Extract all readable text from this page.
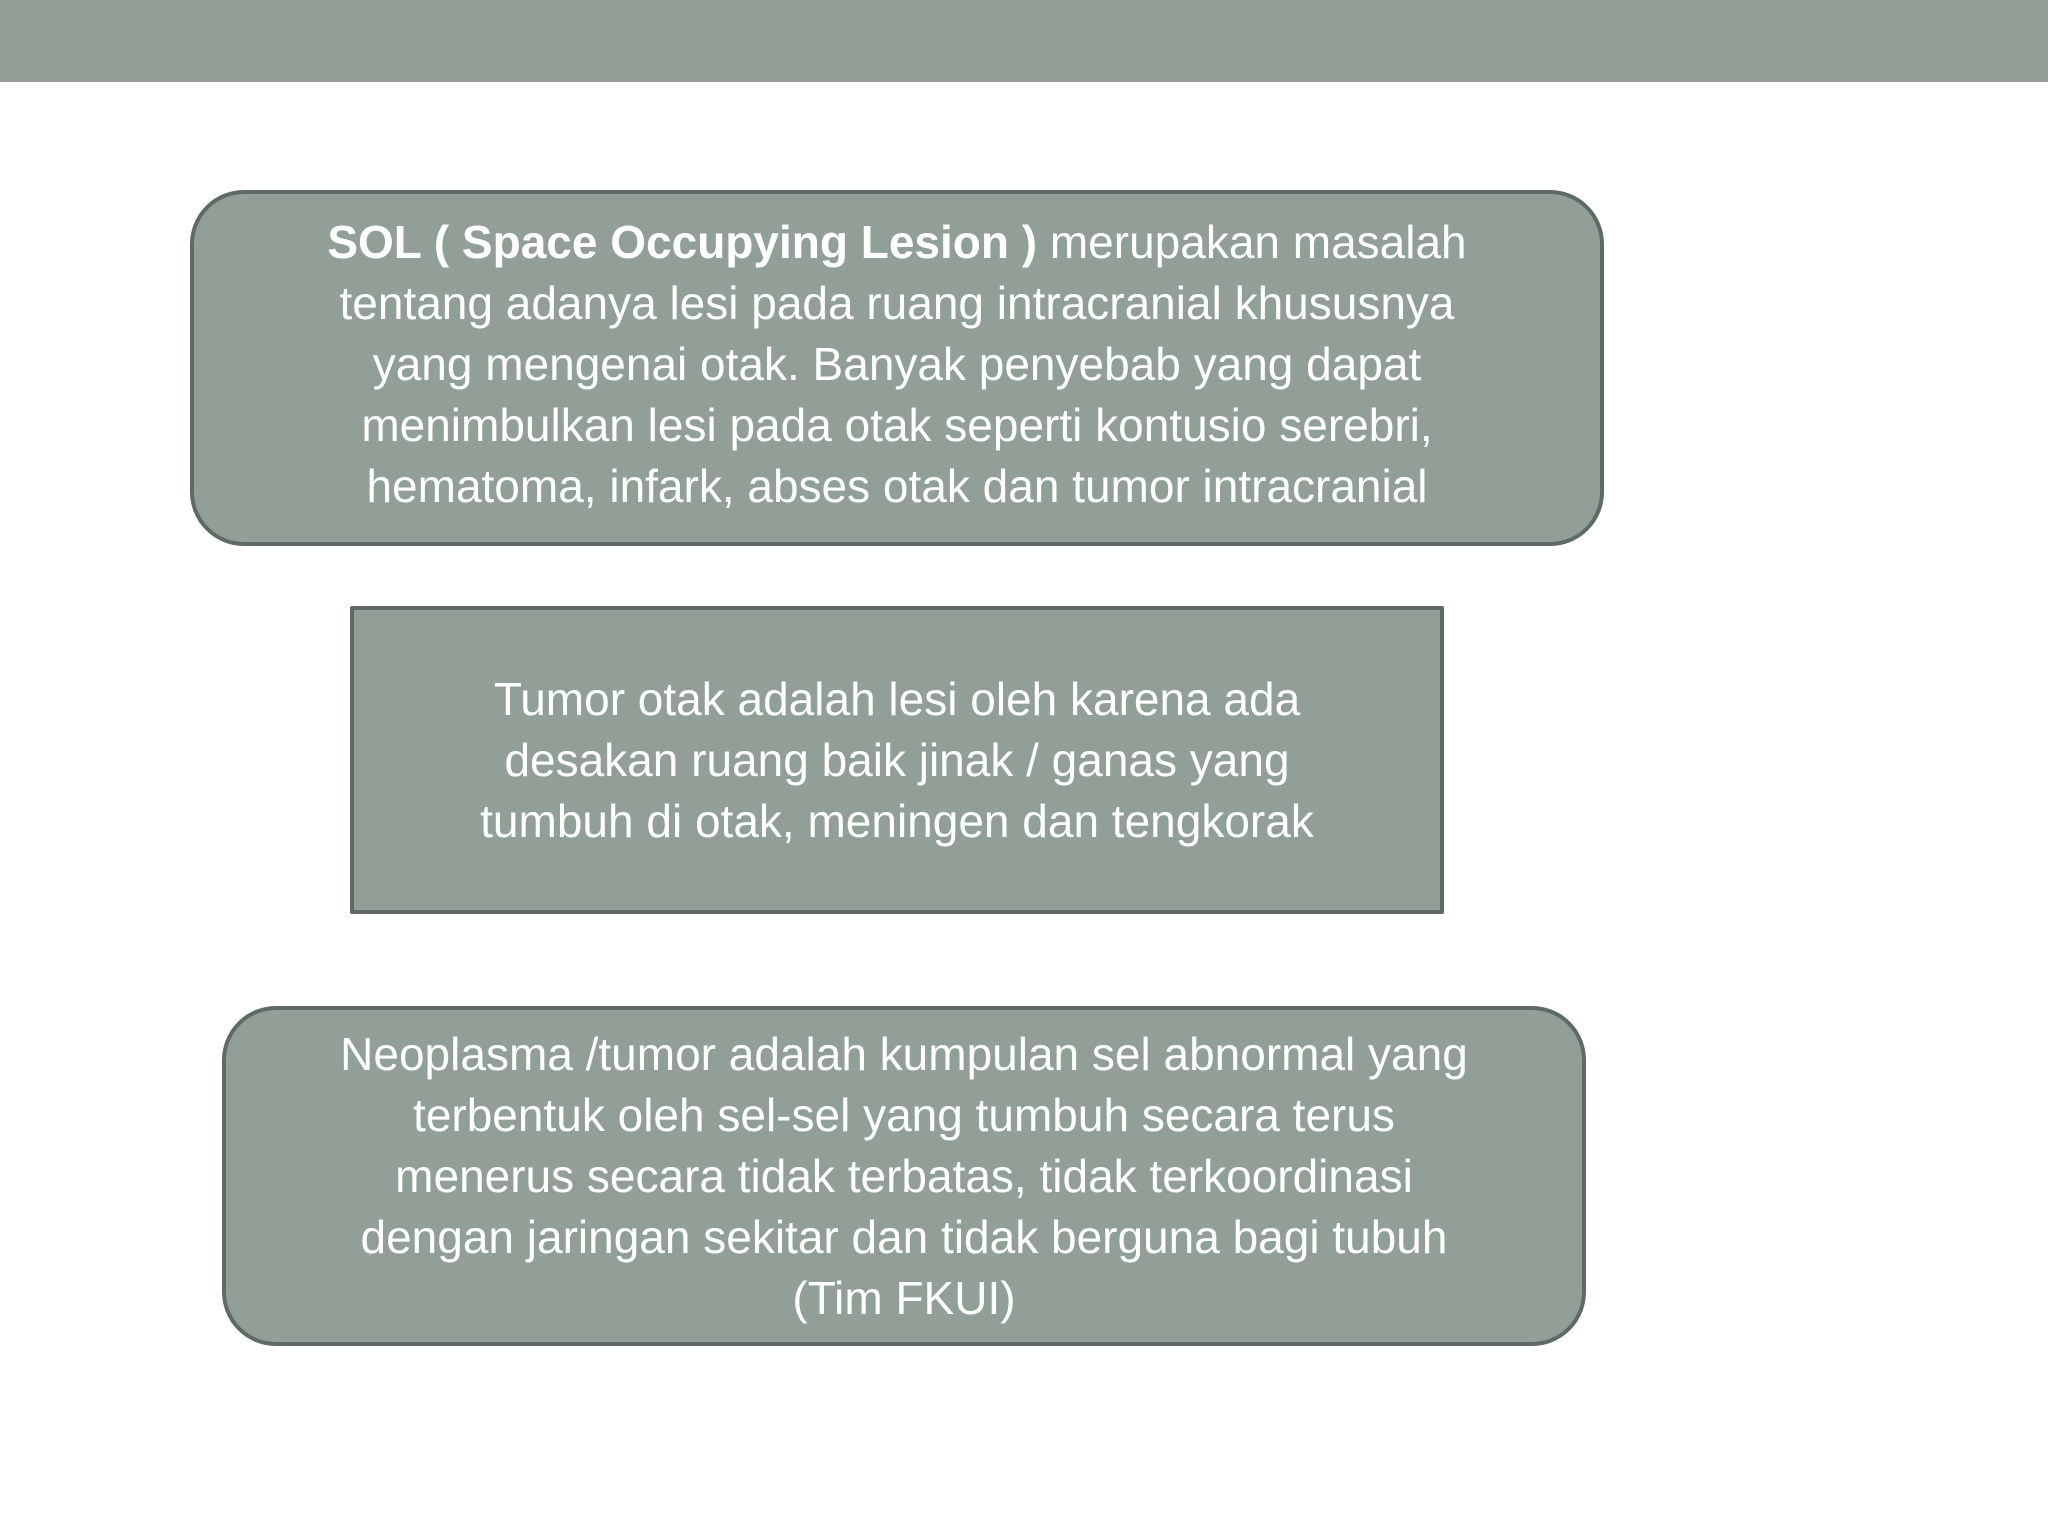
SOL ( Space Occupying Lesion ) merupakan masalah
tentang adanya lesi pada ruang intracranial khususnya
yang mengenai otak. Banyak penyebab yang dapat
menimbulkan lesi pada otak seperti kontusio serebri,
hematoma, infark, abses otak dan tumor intracranial

Tumor otak adalah lesi oleh karena ada
desakan ruang baik jinak / ganas yang
tumbuh di otak, meningen dan tengkorak

Neoplasma /tumor adalah kumpulan sel abnormal yang
terbentuk oleh sel-sel yang tumbuh secara terus
menerus secara tidak terbatas, tidak terkoordinasi
dengan jaringan sekitar dan tidak berguna bagi tubuh
(Tim FKUI)
